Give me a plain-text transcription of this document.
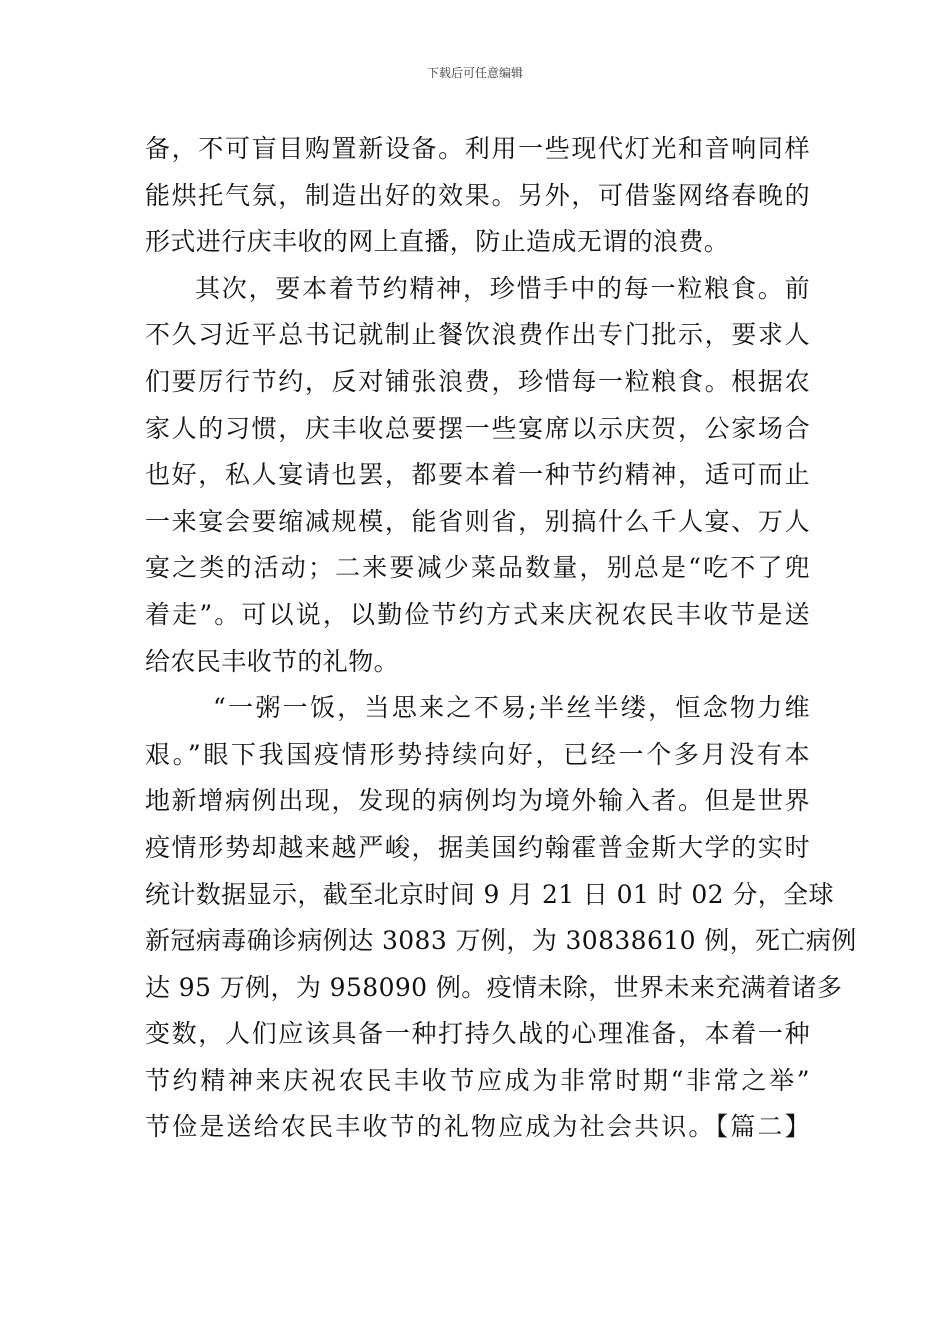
下载后可任意编辑
备，不可盲目购置新设备。利用一些现代灯光和音响同样
能烘托气氛，制造出好的效果。另外，可借鉴网络春晚的
形式进行庆丰收的网上直播，防止造成无谓的浪费。
其次，要本着节约精神，珍惜手中的每一粒粮食。前
不久习近平总书记就制止餐饮浪费作出专门批示，要求人
们要厉行节约，反对铺张浪费，珍惜每一粒粮食。根据农
家人的习惯，庆丰收总要摆一些宴席以示庆贺，公家场合
也好，私人宴请也罢，都要本着一种节约精神，适可而止
一来宴会要缩减规模，能省则省，别搞什么千人宴、万人
宴之类的活动；二来要减少菜品数量，别总是“吃不了兜
着走”。可以说，以勤俭节约方式来庆祝农民丰收节是送
给农民丰收节的礼物。
“一粥一饭，当思来之不易;半丝半缕，恒念物力维
艰。”眼下我国疫情形势持续向好，已经一个多月没有本
地新增病例出现，发现的病例均为境外输入者。但是世界
疫情形势却越来越严峻，据美国约翰霍普金斯大学的实时
统计数据显示，截至北京时间 9 月 21 日 01 时 02 分，全球
新冠病毒确诊病例达 3083 万例，为 30838610 例，死亡病例
达 95 万例，为 958090 例。疫情未除，世界未来充满着诸多
变数，人们应该具备一种打持久战的心理准备，本着一种
节约精神来庆祝农民丰收节应成为非常时期“非常之举”
节俭是送给农民丰收节的礼物应成为社会共识。【篇二】
